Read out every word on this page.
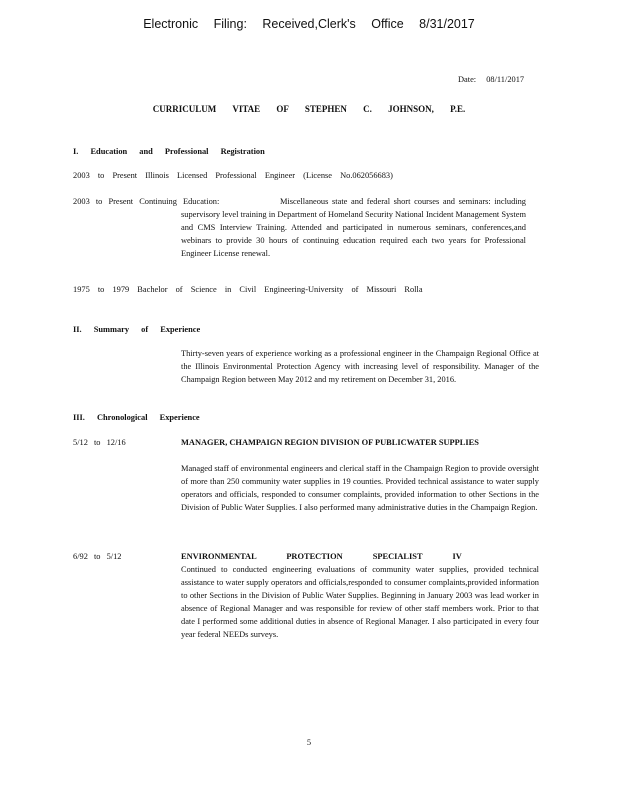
Electronic Filing: Received,Clerk's Office 8/31/2017
Date: 08/11/2017
CURRICULUM VITAE OF STEPHEN C. JOHNSON, P.E.
I. Education and Professional Registration
2003 to Present Illinois Licensed Professional Engineer (License No.062056683)
2003 to Present Continuing Education:	Miscellaneous state and federal short courses and seminars: including supervisory level training in Department of Homeland Security National Incident Management System and CMS Interview Training. Attended and participated in numerous seminars, conferences,and webinars to provide 30 hours of continuing education required each two years for Professional Engineer License renewal.
1975 to 1979 Bachelor of Science in Civil Engineering-University of Missouri Rolla
II. Summary of Experience
Thirty-seven years of experience working as a professional engineer in the Champaign Regional Office at the Illinois Environmental Protection Agency with increasing level of responsibility. Manager of the Champaign Region between May 2012 and my retirement on December 31, 2016.
III. Chronological Experience
5/12 to 12/16	MANAGER, CHAMPAIGN REGION DIVISION OF PUBLICWATER SUPPLIES
Managed staff of environmental engineers and clerical staff in the Champaign Region to provide oversight of more than 250 community water supplies in 19 counties. Provided technical assistance to water supply operators and officials, responded to consumer complaints, provided information to other Sections in the Division of Public Water Supplies. I also performed many administrative duties in the Champaign Region.
6/92 to 5/12	ENVIRONMENTAL PROTECTION SPECIALIST IV
Continued to conducted engineering evaluations of community water supplies, provided technical assistance to water supply operators and officials,responded to consumer complaints,provided information to other Sections in the Division of Public Water Supplies. Beginning in January 2003 was lead worker in absence of Regional Manager and was responsible for review of other staff members work. Prior to that date I performed some additional duties in absence of Regional Manager. I also participated in every four year federal NEEDs surveys.
5
